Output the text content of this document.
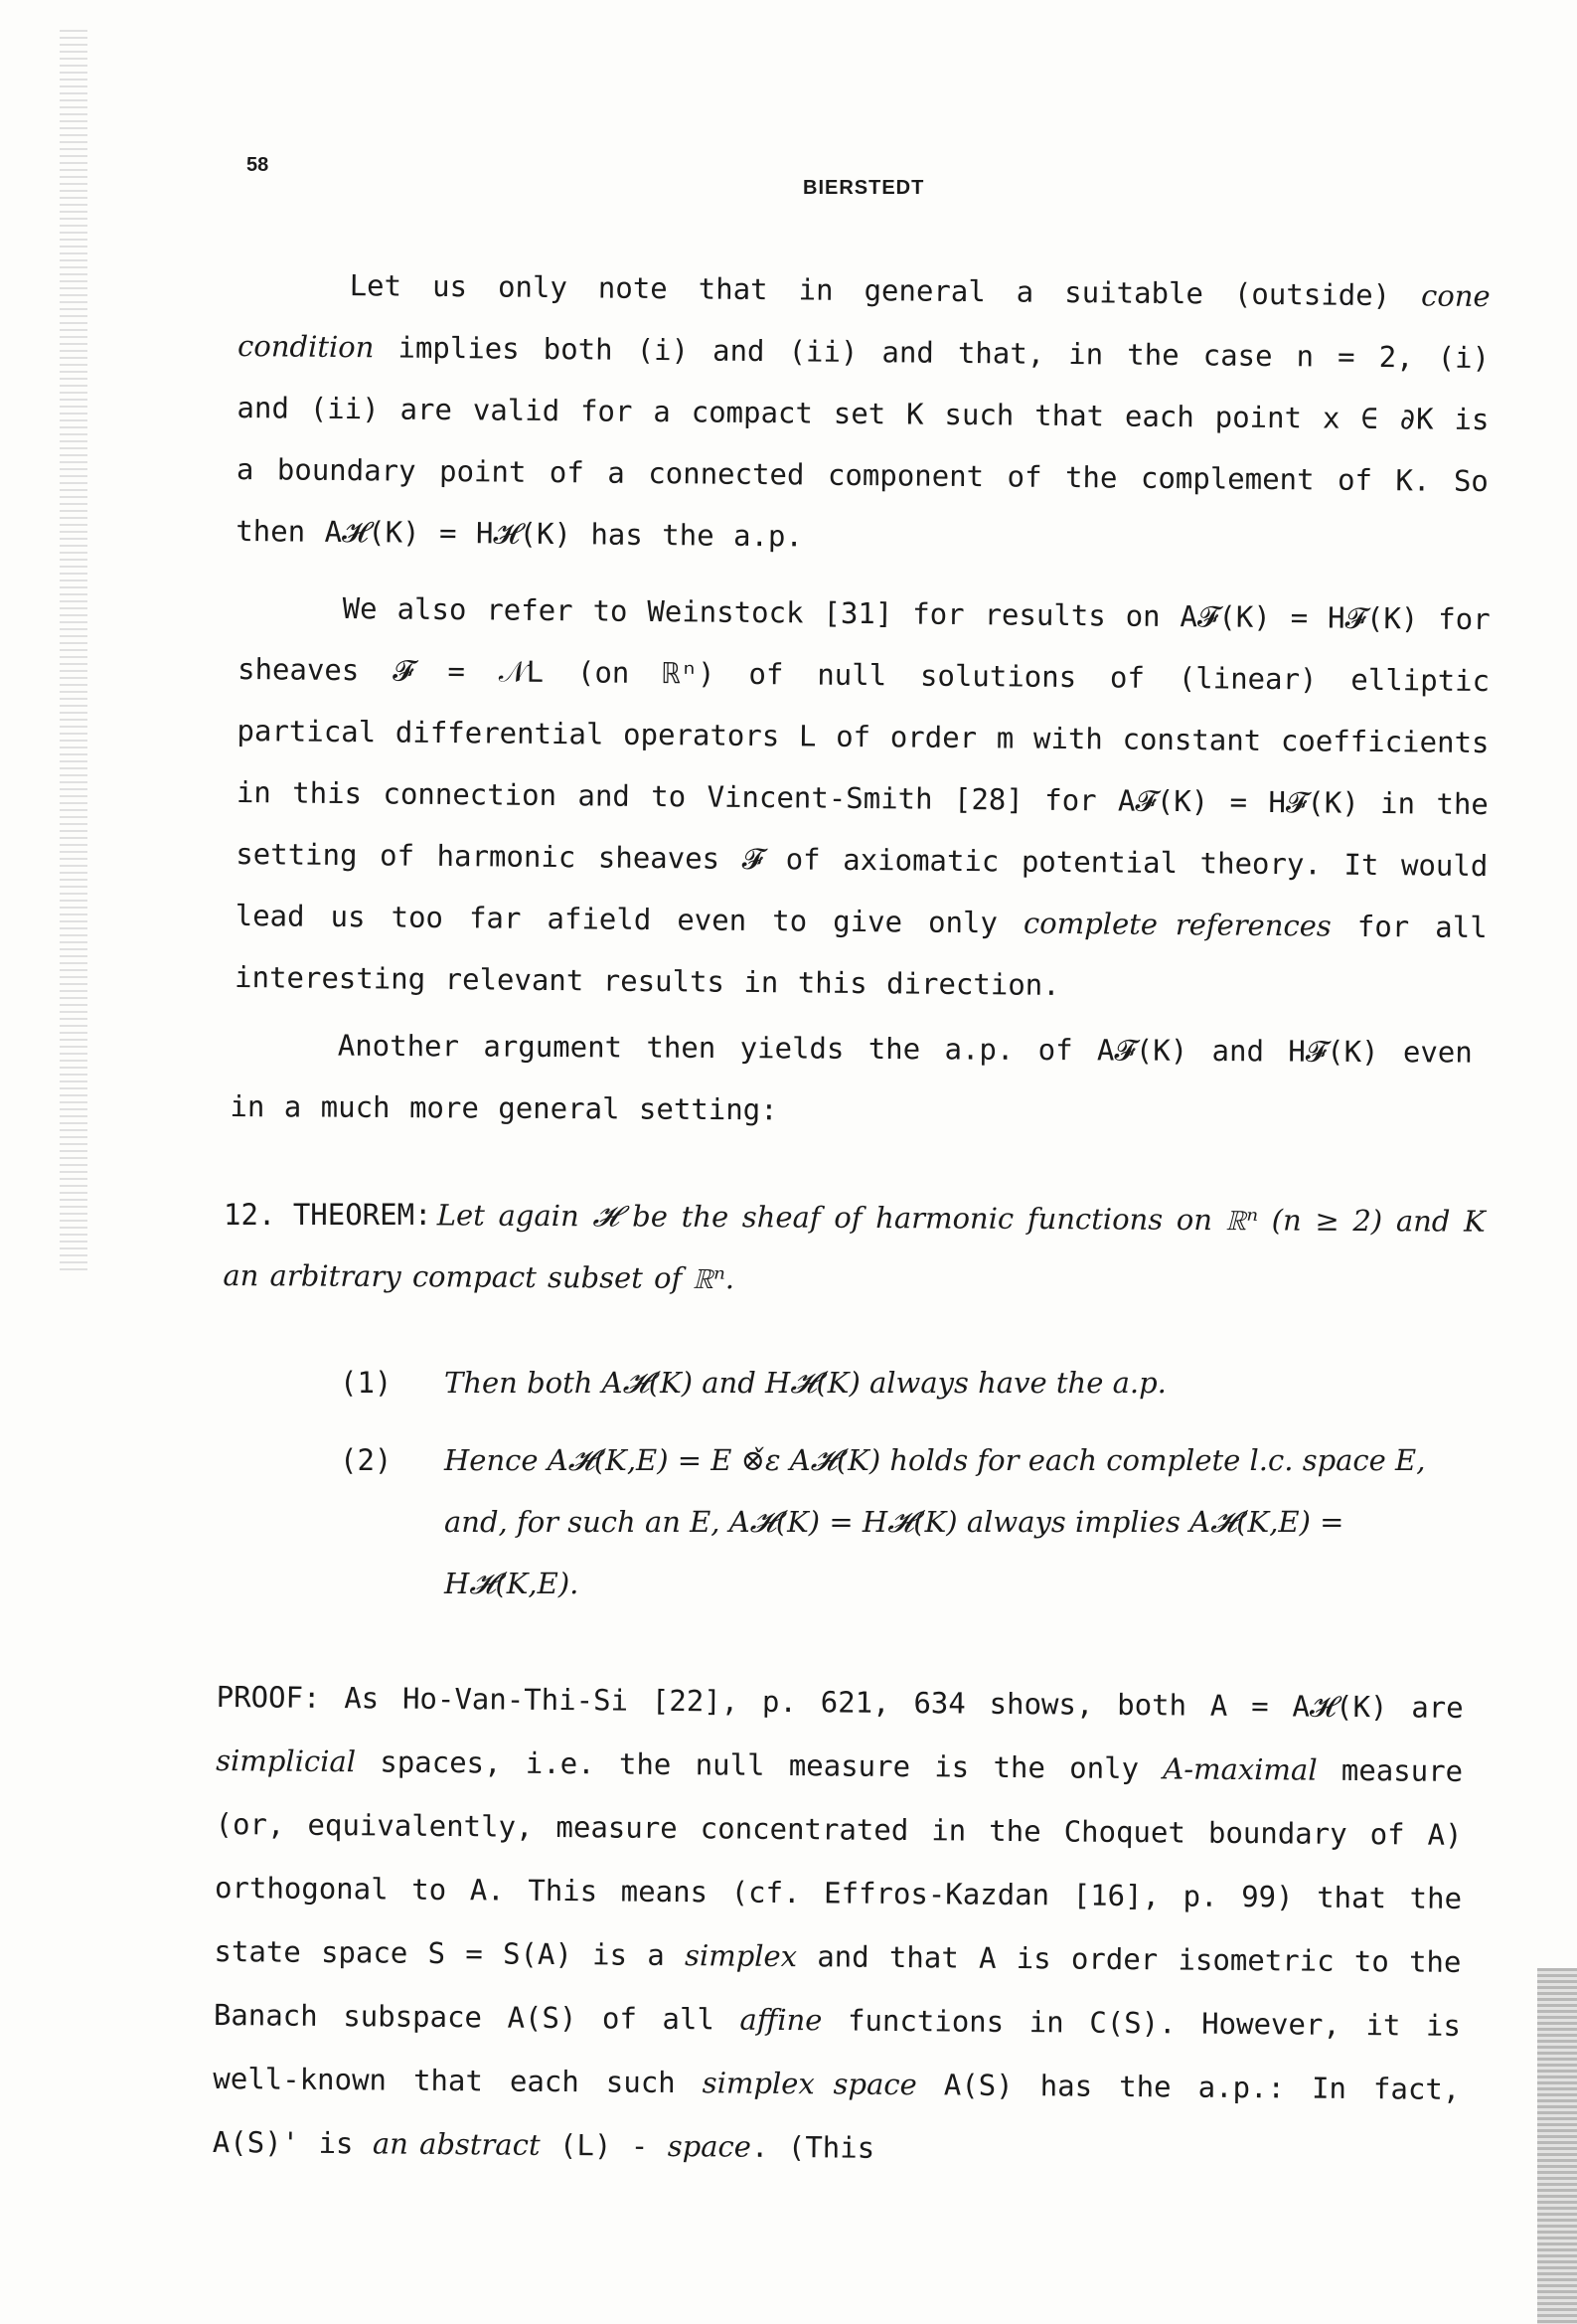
58
BIERSTEDT

Let us only note that in general a suitable (outside) cone condition implies both (i) and (ii) and that, in the case n = 2, (i) and (ii) are valid for a compact set K such that each point x ∈ ∂K is a boundary point of a connected component of the complement of K. So then A𝓗(K) = H𝓗(K) has the a.p.

We also refer to Weinstock [31] for results on A𝓕(K) = H𝓕(K) for sheaves 𝓕 = 𝒩L (on ℝⁿ) of null solutions of (linear) elliptic partical differential operators L of order m with constant coefficients in this connection and to Vincent-Smith [28] for A𝓕(K) = H𝓕(K) in the setting of harmonic sheaves 𝓕 of axiomatic potential theory. It would lead us too far afield even to give only complete references for all interesting relevant results in this direction.

Another argument then yields the a.p. of A𝓕(K) and H𝓕(K) even in a much more general setting:

12. THEOREM: Let again 𝓗 be the sheaf of harmonic functions on ℝⁿ (n ≥ 2) and K an arbitrary compact subset of ℝⁿ.

(1) Then both A𝓗(K) and H𝓗(K) always have the a.p.
(2) Hence A𝓗(K,E) = E ⊗̌ε A𝓗(K) holds for each complete l.c. space E, and, for such an E, A𝓗(K) = H𝓗(K) always implies A𝓗(K,E) = H𝓗(K,E).

PROOF: As Ho-Van-Thi-Si [22], p. 621, 634 shows, both A = A𝓗(K) are simplicial spaces, i.e. the null measure is the only A-maximal measure (or, equivalently, measure concentrated in the Choquet boundary of A) orthogonal to A. This means (cf. Effros-Kazdan [16], p. 99) that the state space S = S(A) is a simplex and that A is order isometric to the Banach subspace A(S) of all affine functions in C(S). However, it is well-known that each such simplex space A(S) has the a.p.: In fact, A(S)' is an abstract (L) - space. (This
